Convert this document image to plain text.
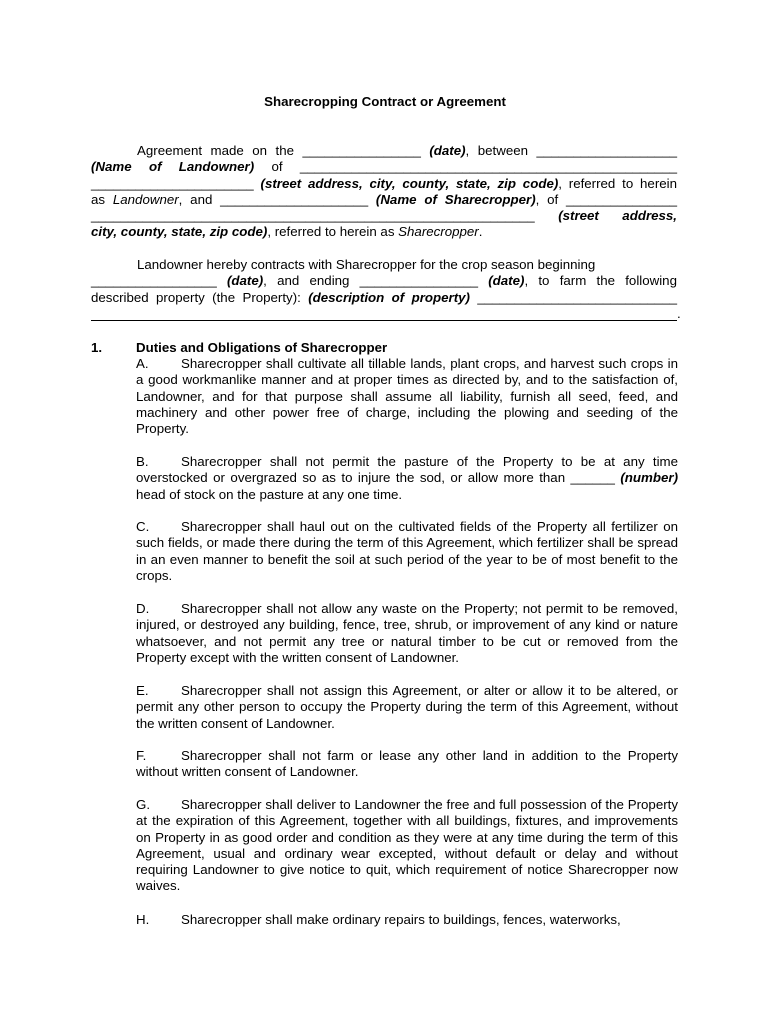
Sharecropping Contract or Agreement
Agreement made on the ________________ (date), between ___________________
(Name of Landowner) of ___________________________________________________
______________________ (street address, city, county, state, zip code), referred to herein
as Landowner, and ____________________ (Name of Sharecropper), of _______________
____________________________________________________________ (street address,
city, county, state, zip code), referred to herein as Sharecropper.
Landowner hereby contracts with Sharecropper for the crop season beginning
_________________ (date), and ending ________________ (date), to farm the following
described property (the Property): (description of property) ___________________________
.
1.	Duties and Obligations of Sharecropper
A. Sharecropper shall cultivate all tillable lands, plant crops, and harvest such crops in a good workmanlike manner and at proper times as directed by, and to the satisfaction of, Landowner, and for that purpose shall assume all liability, furnish all seed, feed, and machinery and other power free of charge, including the plowing and seeding of the Property.
B. Sharecropper shall not permit the pasture of the Property to be at any time overstocked or overgrazed so as to injure the sod, or allow more than ______ (number) head of stock on the pasture at any one time.
C. Sharecropper shall haul out on the cultivated fields of the Property all fertilizer on such fields, or made there during the term of this Agreement, which fertilizer shall be spread in an even manner to benefit the soil at such period of the year to be of most benefit to the crops.
D. Sharecropper shall not allow any waste on the Property; not permit to be removed, injured, or destroyed any building, fence, tree, shrub, or improvement of any kind or nature whatsoever, and not permit any tree or natural timber to be cut or removed from the Property except with the written consent of Landowner.
E. Sharecropper shall not assign this Agreement, or alter or allow it to be altered, or permit any other person to occupy the Property during the term of this Agreement, without the written consent of Landowner.
F.	Sharecropper shall not farm or lease any other land in addition to the Property without written consent of Landowner.
G. Sharecropper shall deliver to Landowner the free and full possession of the Property at the expiration of this Agreement, together with all buildings, fixtures, and improvements on Property in as good order and condition as they were at any time during the term of this Agreement, usual and ordinary wear excepted, without default or delay and without requiring Landowner to give notice to quit, which requirement of notice Sharecropper now waives.
H. Sharecropper shall make ordinary repairs to buildings, fences, waterworks,
